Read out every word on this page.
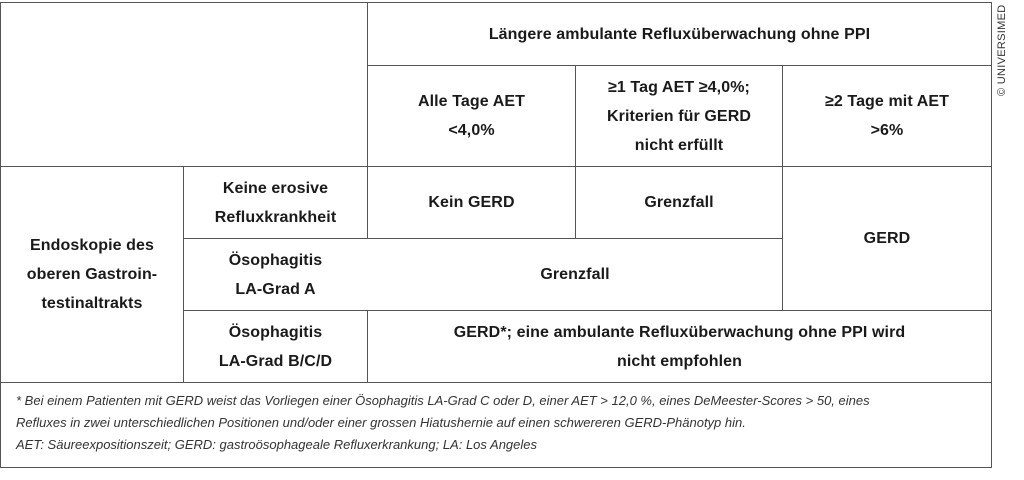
Längere ambulante Refluxüberwachung ohne PPI
Alle Tage AET
<4,0%
≥1 Tag AET ≥4,0%;
Kriterien für GERD
nicht erfüllt
≥2 Tage mit AET
>6%
Endoskopie des
oberen Gastroin-
testinaltrakts
Keine erosive
Refluxkrankheit
Kein GERD	Grenzfall
GERD
Ösophagitis
LA-Grad A
Grenzfall
Ösophagitis
LA-Grad B/C/D
GERD*; eine ambulante Refluxüberwachung ohne PPI wird
nicht empfohlen
* Bei einem Patienten mit GERD weist das Vorliegen einer Ösophagitis LA-Grad C oder D, einer AET > 12,0 %, eines DeMeester-Scores > 50, eines
Refluxes in zwei unterschiedlichen Positionen und/oder einer grossen Hiatushernie auf einen schwereren GERD-Phänotyp hin.
AET: Säureexpositionszeit; GERD: gastroösophageale Refluxerkrankung; LA: Los Angeles
© UNIVERSIMED
